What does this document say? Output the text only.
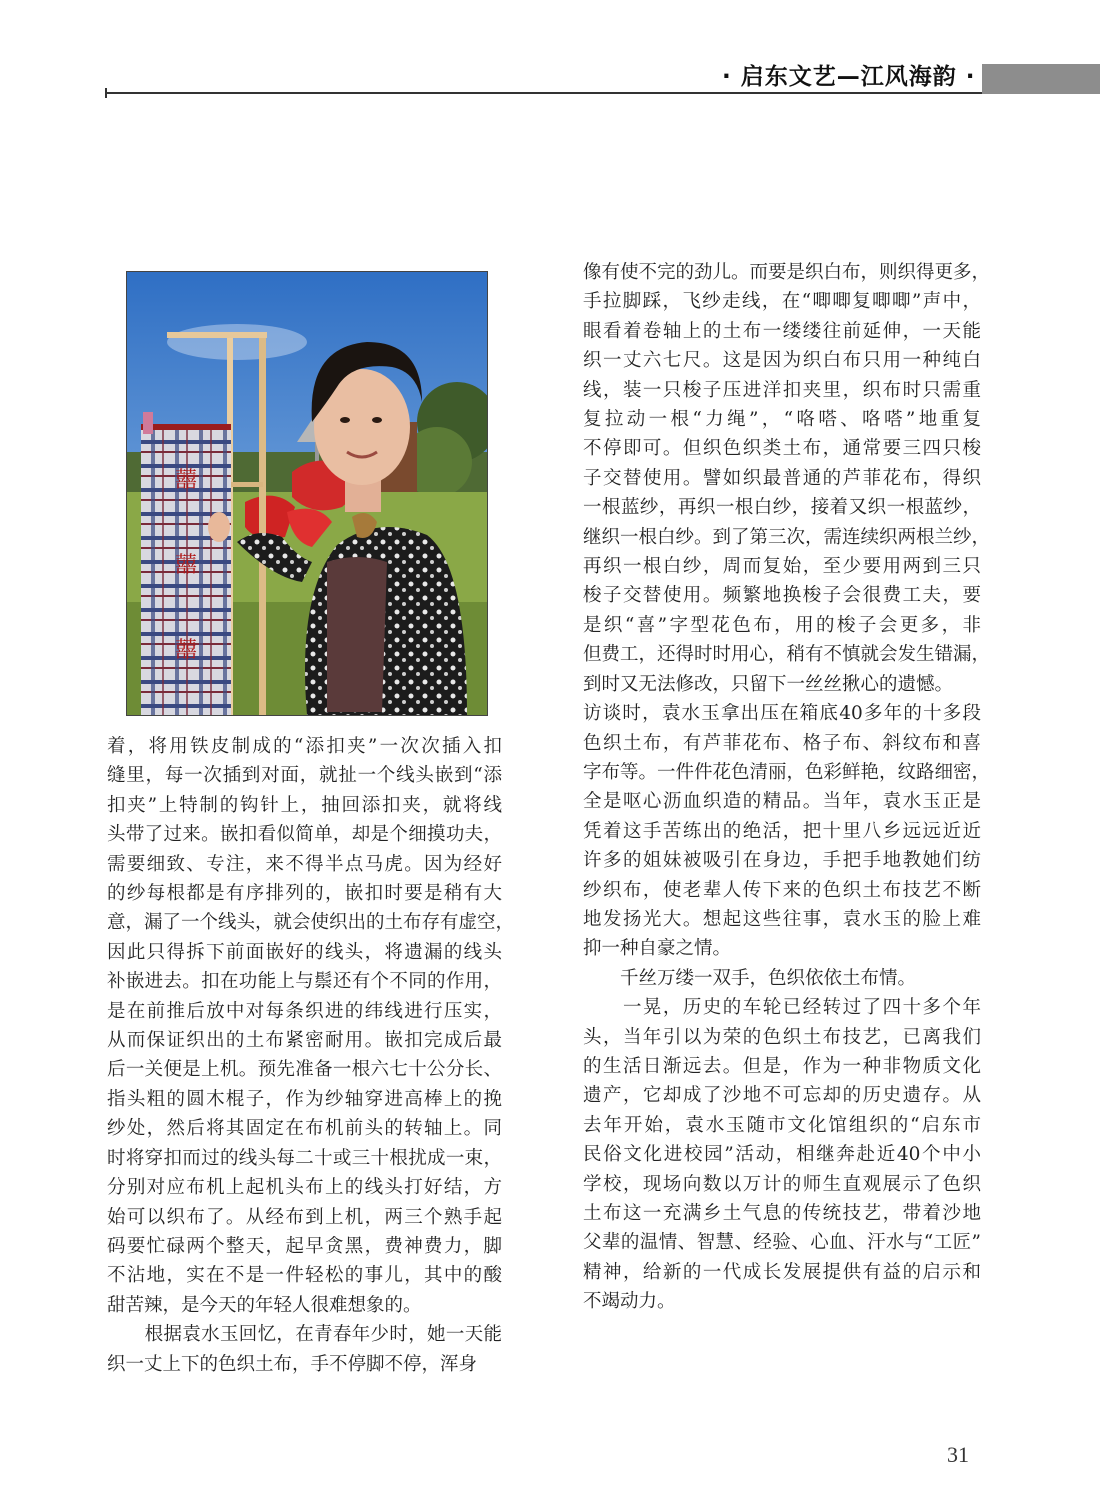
· 启东文艺—江风海韵 ·
囍
囍
囍

着，将用铁皮制成的“添扣夹”一次次插入扣

缝里，每一次插到对面，就扯一个线头嵌到“添

扣夹”上特制的钩针上，抽回添扣夹，就将线

头带了过来。嵌扣看似简单，却是个细摸功夫，

需要细致、专注，来不得半点马虎。因为经好

的纱每根都是有序排列的，嵌扣时要是稍有大

意，漏了一个线头，就会使织出的土布存有虚空，

因此只得拆下前面嵌好的线头，将遗漏的线头

补嵌进去。扣在功能上与鬃还有个不同的作用，

是在前推后放中对每条织进的纬线进行压实，

从而保证织出的土布紧密耐用。嵌扣完成后最

后一关便是上机。预先准备一根六七十公分长、

指头粗的圆木棍子，作为纱轴穿进高棒上的挽

纱处，然后将其固定在布机前头的转轴上。同

时将穿扣而过的线头每二十或三十根扰成一束，

分别对应布机上起机头布上的线头打好结，方

始可以织布了。从经布到上机，两三个熟手起

码要忙碌两个整天，起早贪黑，费神费力，脚

不沾地，实在不是一件轻松的事儿，其中的酸

甜苦辣，是今天的年轻人很难想象的。

　　根据袁水玉回忆，在青春年少时，她一天能

织一丈上下的色织土布，手不停脚不停，浑身

像有使不完的劲儿。而要是织白布，则织得更多，

手拉脚踩，飞纱走线，在“唧唧复唧唧”声中，

眼看着卷轴上的土布一缕缕往前延伸，一天能

织一丈六七尺。这是因为织白布只用一种纯白

线，装一只梭子压进洋扣夹里，织布时只需重

复拉动一根“力绳”，“咯嗒、咯嗒”地重复

不停即可。但织色织类土布，通常要三四只梭

子交替使用。譬如织最普通的芦菲花布，得织

一根蓝纱，再织一根白纱，接着又织一根蓝纱，

继织一根白纱。到了第三次，需连续织两根兰纱，

再织一根白纱，周而复始，至少要用两到三只

梭子交替使用。频繁地换梭子会很费工夫，要

是织“喜”字型花色布，用的梭子会更多，非

但费工，还得时时用心，稍有不慎就会发生错漏，

到时又无法修改，只留下一丝丝揪心的遗憾。

访谈时，袁水玉拿出压在箱底40多年的十多段

色织土布，有芦菲花布、格子布、斜纹布和喜

字布等。一件件花色清丽，色彩鲜艳，纹路细密，

全是呕心沥血织造的精品。当年，袁水玉正是

凭着这手苦练出的绝活，把十里八乡远远近近

许多的姐妹被吸引在身边，手把手地教她们纺

纱织布，使老辈人传下来的色织土布技艺不断

地发扬光大。想起这些往事，袁水玉的脸上难

抑一种自豪之情。

　　千丝万缕一双手，色织依依土布情。

　　一晃，历史的车轮已经转过了四十多个年

头，当年引以为荣的色织土布技艺，已离我们

的生活日渐远去。但是，作为一种非物质文化

遗产，它却成了沙地不可忘却的历史遗存。从

去年开始，袁水玉随市文化馆组织的“启东市

民俗文化进校园”活动，相继奔赴近40个中小

学校，现场向数以万计的师生直观展示了色织

土布这一充满乡土气息的传统技艺，带着沙地

父辈的温情、智慧、经验、心血、汗水与“工匠”

精神，给新的一代成长发展提供有益的启示和

不竭动力。

31
